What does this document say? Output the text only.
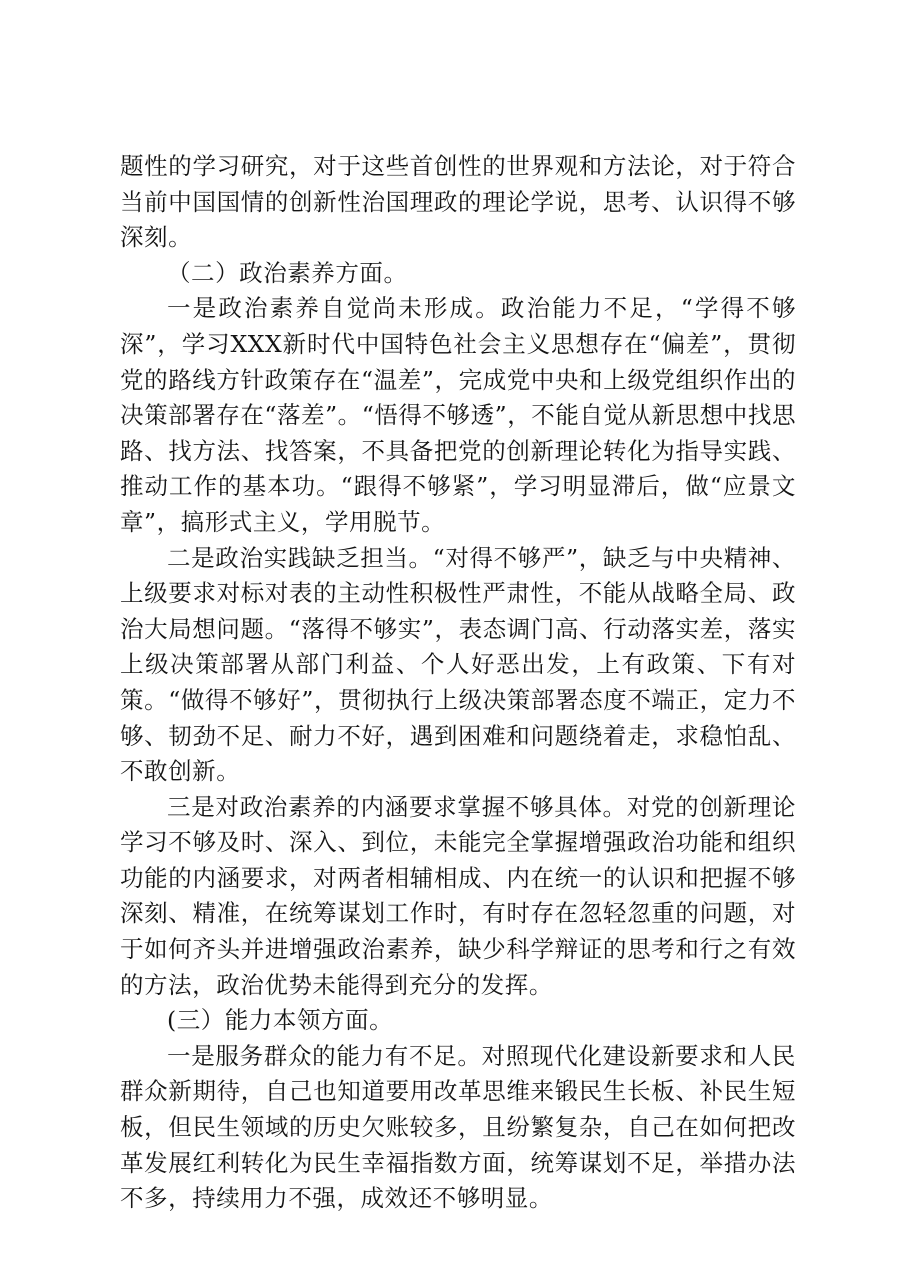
题性的学习研究，对于这些首创性的世界观和方法论，对于符合当前中国国情的创新性治国理政的理论学说，思考、认识得不够深刻。

（二）政治素养方面。

一是政治素养自觉尚未形成。政治能力不足，“学得不够深”，学习XXX新时代中国特色社会主义思想存在“偏差”，贯彻党的路线方针政策存在“温差”，完成党中央和上级党组织作出的决策部署存在“落差”。“悟得不够透”，不能自觉从新思想中找思路、找方法、找答案，不具备把党的创新理论转化为指导实践、推动工作的基本功。“跟得不够紧”，学习明显滞后，做“应景文章”，搞形式主义，学用脱节。

二是政治实践缺乏担当。“对得不够严”，缺乏与中央精神、上级要求对标对表的主动性积极性严肃性，不能从战略全局、政治大局想问题。“落得不够实”，表态调门高、行动落实差，落实上级决策部署从部门利益、个人好恶出发，上有政策、下有对策。“做得不够好”，贯彻执行上级决策部署态度不端正，定力不够、韧劲不足、耐力不好，遇到困难和问题绕着走，求稳怕乱、不敢创新。

三是对政治素养的内涵要求掌握不够具体。对党的创新理论学习不够及时、深入、到位，未能完全掌握增强政治功能和组织功能的内涵要求，对两者相辅相成、内在统一的认识和把握不够深刻、精准，在统筹谋划工作时，有时存在忽轻忽重的问题，对于如何齐头并进增强政治素养，缺少科学辩证的思考和行之有效的方法，政治优势未能得到充分的发挥。

(三）能力本领方面。

一是服务群众的能力有不足。对照现代化建设新要求和人民群众新期待，自己也知道要用改革思维来锻民生长板、补民生短板，但民生领域的历史欠账较多，且纷繁复杂，自己在如何把改革发展红利转化为民生幸福指数方面，统筹谋划不足，举措办法不多，持续用力不强，成效还不够明显。
